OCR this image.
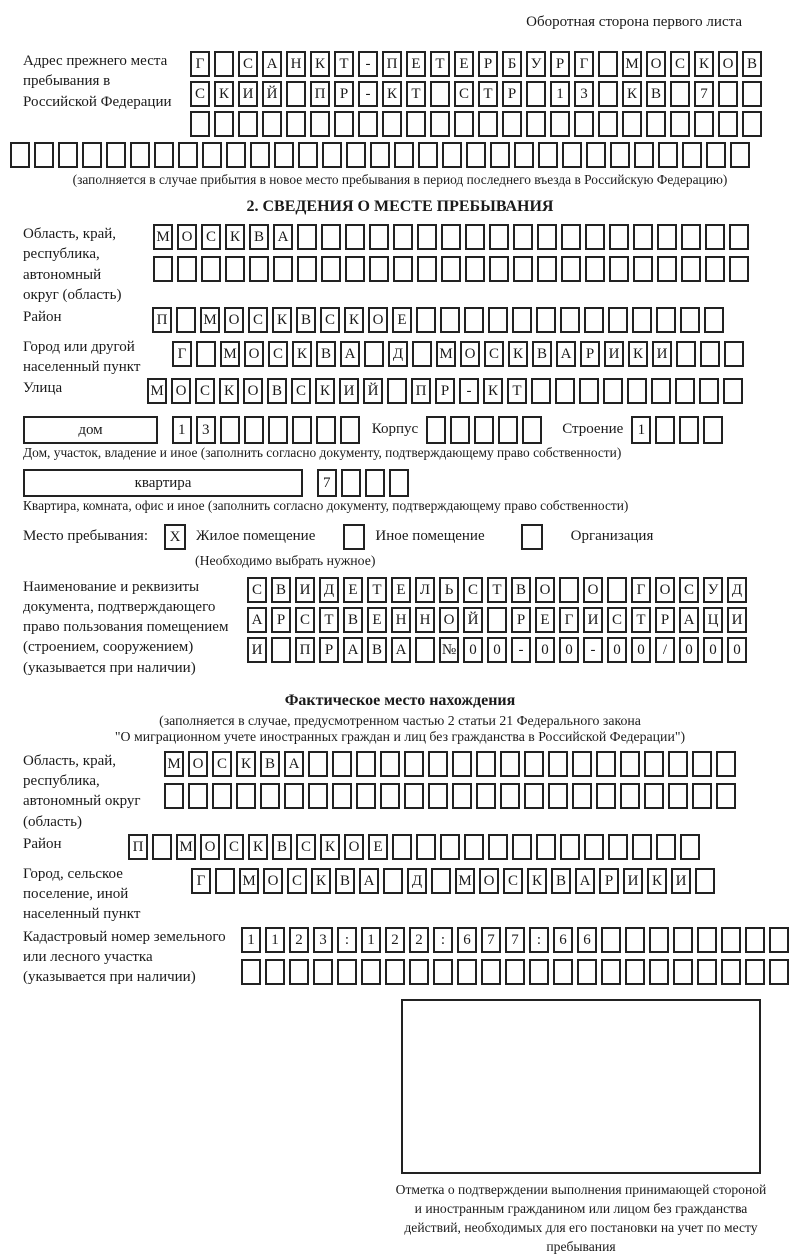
Оборотная сторона первого листа
Адрес прежнего места пребывания в Российской Федерации
Г	С А Н К Т - П Е Т Е Р Б У Р Г М О С К О В
С К И Й П Р - К Т	С Т Р	1 3	К В	7
(заполняется в случае прибытия в новое место пребывания в период последнего въезда в Российскую Федерацию)
2. СВЕДЕНИЯ О МЕСТЕ ПРЕБЫВАНИЯ
Область, край, республика, автономный округ (область)
М О С К В А
Район	П М О С К В С К О Е
Город или другой населенный пункт
Г М О С К В А Д М О С К В А Р И К И
Улица	М О С К О В С К И Й П Р - К Т
дом	1 3	Корпус	Строение 1
Дом, участок, владение и иное (заполнить согласно документу, подтверждающему право собственности)
квартира	7
Квартира, комната, офис и иное (заполнить согласно документу, подтверждающему право собственности)
Место пребывания:	X	Жилое помещение	Иное помещение	Организация
(Необходимо выбрать нужное)
Наименование и реквизиты документа, подтверждающего право пользования помещением (строением, сооружением) (указывается при наличии)
С В И Д Е Т Е Л Ь С Т В О О	Г О С У Д
А Р С Т В Е Н Н О Й	Р Е Г И С Т Р А Ц И
И П Р А В А № 0 0 - 0 0 - 0 0 / 0 0 0
Фактическое место нахождения
(заполняется в случае, предусмотренном частью 2 статьи 21 Федерального закона
"О миграционном учете иностранных граждан и лиц без гражданства в Российской Федерации")
Область, край, республика, автономный округ (область)
М О С К В А
Район	П М О С К В С К О Е
Город, сельское поселение, иной населенный пункт
Г М О С К В А Д М О С К В А Р И К И
Кадастровый номер земельного или лесного участка (указывается при наличии)
1 1 2 3 : 1 2 2 : 6 7 7 : 6 6
Отметка о подтверждении выполнения принимающей стороной и иностранным гражданином или лицом без гражданства действий, необходимых для его постановки на учет по месту пребывания
